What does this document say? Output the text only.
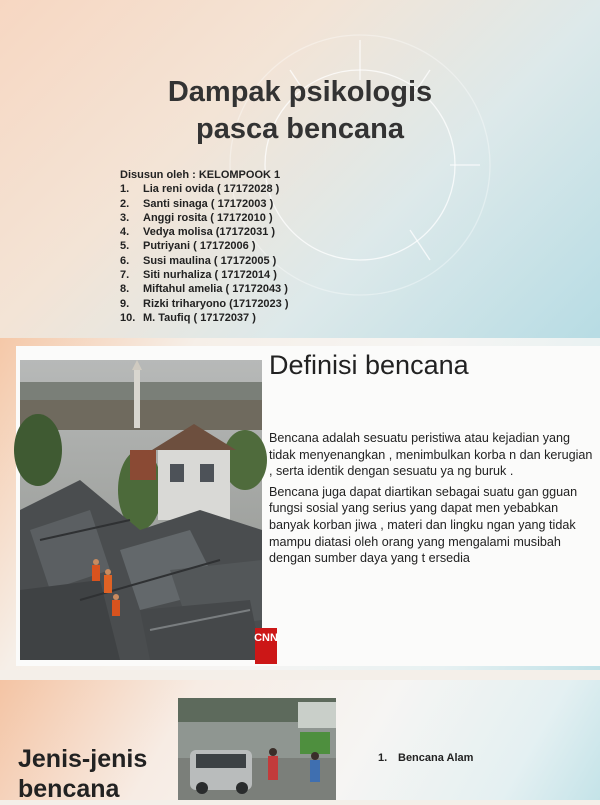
Dampak psikologis
pasca bencana
Disusun oleh : KELOMPOOK 1
1.	Lia reni ovida ( 17172028 )
2.	Santi sinaga ( 17172003 )
3.	Anggi rosita ( 17172010 )
4.	Vedya molisa (17172031 )
5.	Putriyani ( 17172006 )
6.	Susi maulina ( 17172005 )
7.	Siti nurhaliza ( 17172014 )
8.	Miftahul amelia ( 17172043 )
9.	Rizki triharyono (17172023 )
10. M. Taufiq ( 17172037 )
CNN
Definisi bencana

Bencana adalah sesuatu peristiwa atau kejadian yang tidak menyenangkan , menimbulkan korba n dan kerugian , serta identik dengan sesuatu ya ng buruk .

Bencana juga dapat diartikan sebagai suatu gan gguan fungsi sosial yang serius yang dapat men yebabkan banyak korban jiwa , materi dan lingku ngan yang tidak mampu diatasi oleh orang yang mengalami musibah dengan sumber daya yang t ersedia

Jenis-jenis
bencana
1. Bencana Alam
